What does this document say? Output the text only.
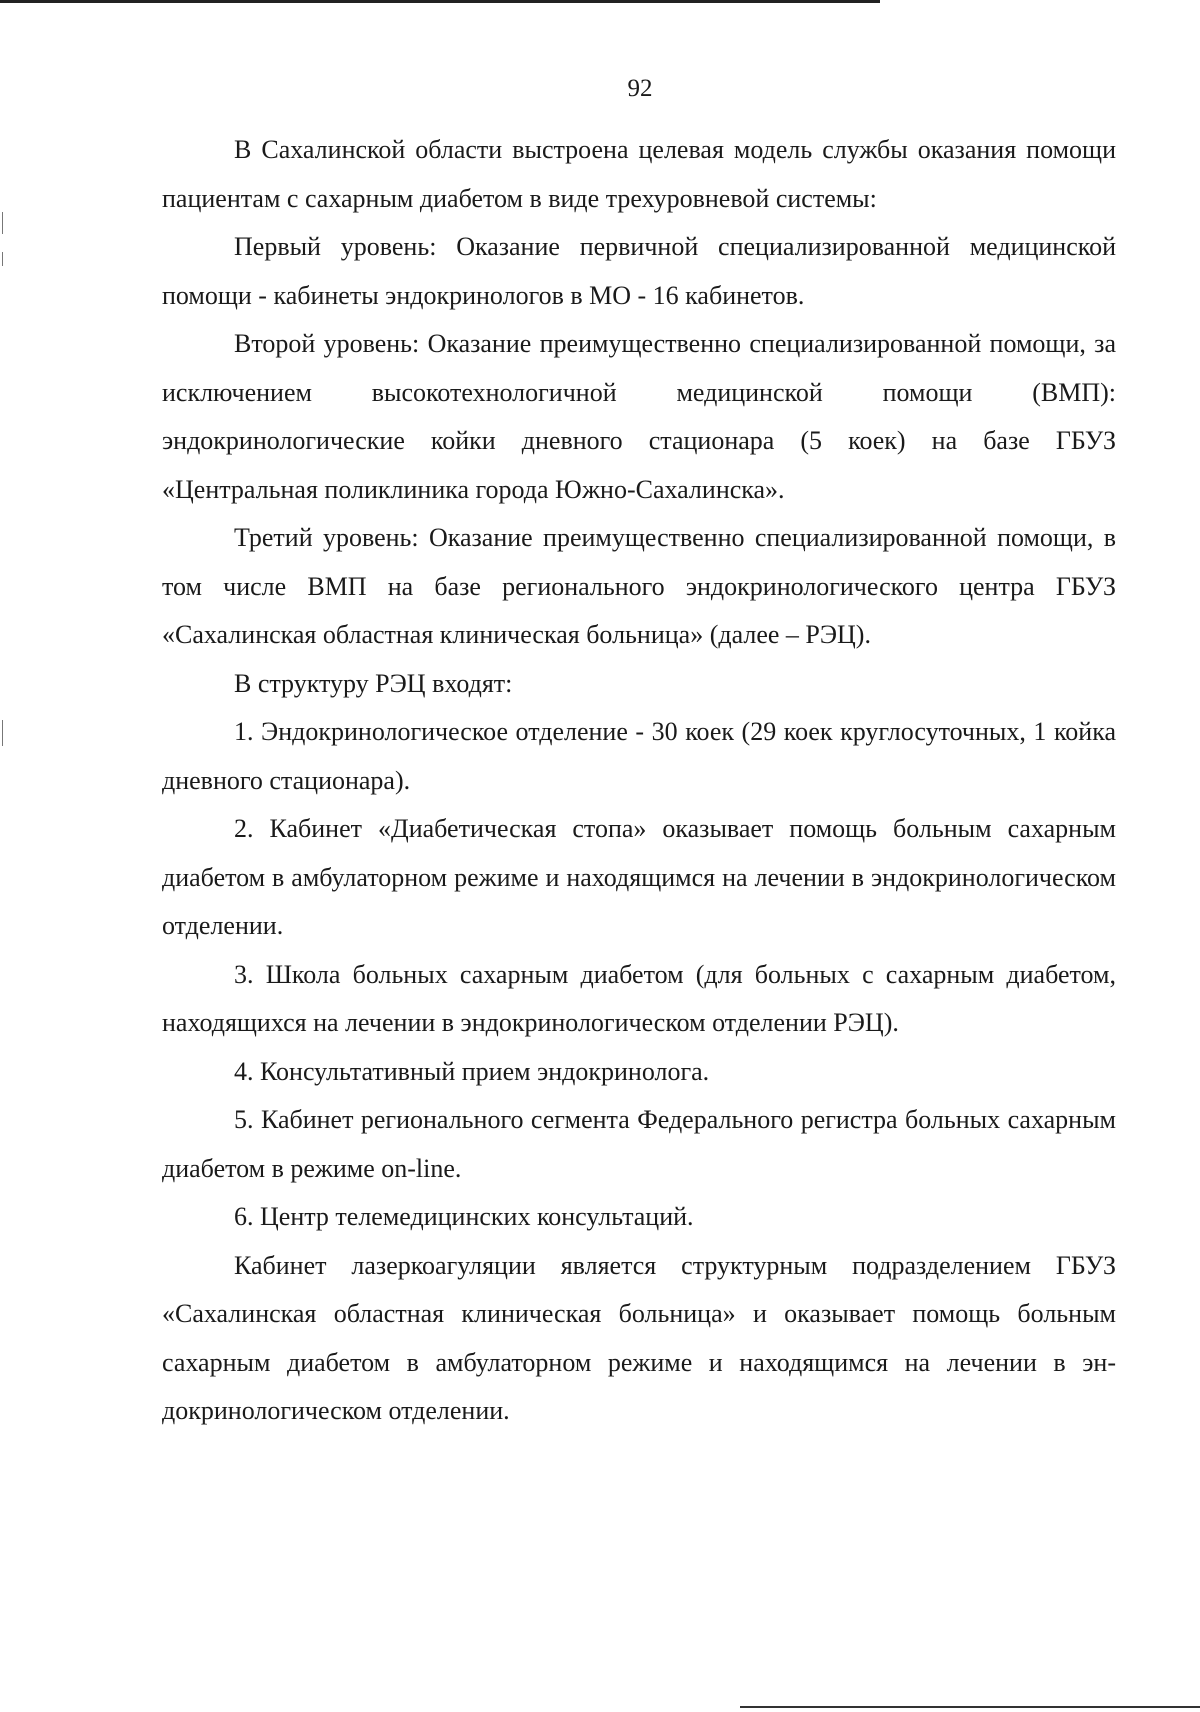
92

В Сахалинской области выстроена целевая модель службы оказания помощи пациентам с сахарным диабетом в виде трехуровневой системы:

Первый уровень: Оказание первичной специализированной медицинской помощи - кабинеты эндокринологов в МО - 16 кабинетов.

Второй уровень: Оказание преимущественно специализированной помощи, за исключением высокотехнологичной медицинской помощи (ВМП): эндокринологические койки дневного стационара (5 коек) на базе ГБУЗ «Центральная поликлиника города Южно-Сахалинска».

Третий уровень: Оказание преимущественно специализированной помощи, в том числе ВМП на базе регионального эндокринологического центра ГБУЗ «Сахалинская областная клиническая больница» (далее – РЭЦ).

В структуру РЭЦ входят:

1. Эндокринологическое отделение - 30 коек (29 коек круглосуточных, 1 койка дневного стационара).

2. Кабинет «Диабетическая стопа» оказывает помощь больным сахарным диабетом в амбулаторном режиме и находящимся на лечении в эндокринологическом отделении.

3. Школа больных сахарным диабетом (для больных с сахарным диабетом, находящихся на лечении в эндокринологическом отделении РЭЦ).

4. Консультативный прием эндокринолога.

5. Кабинет регионального сегмента Федерального регистра больных сахарным диабетом в режиме on-line.

6. Центр телемедицинских консультаций.

Кабинет лазеркоагуляции является структурным подразделением ГБУЗ «Сахалинская областная клиническая больница» и оказывает помощь больным сахарным диабетом в амбулаторном режиме и находящимся на лечении в эндокринологическом отделении.
